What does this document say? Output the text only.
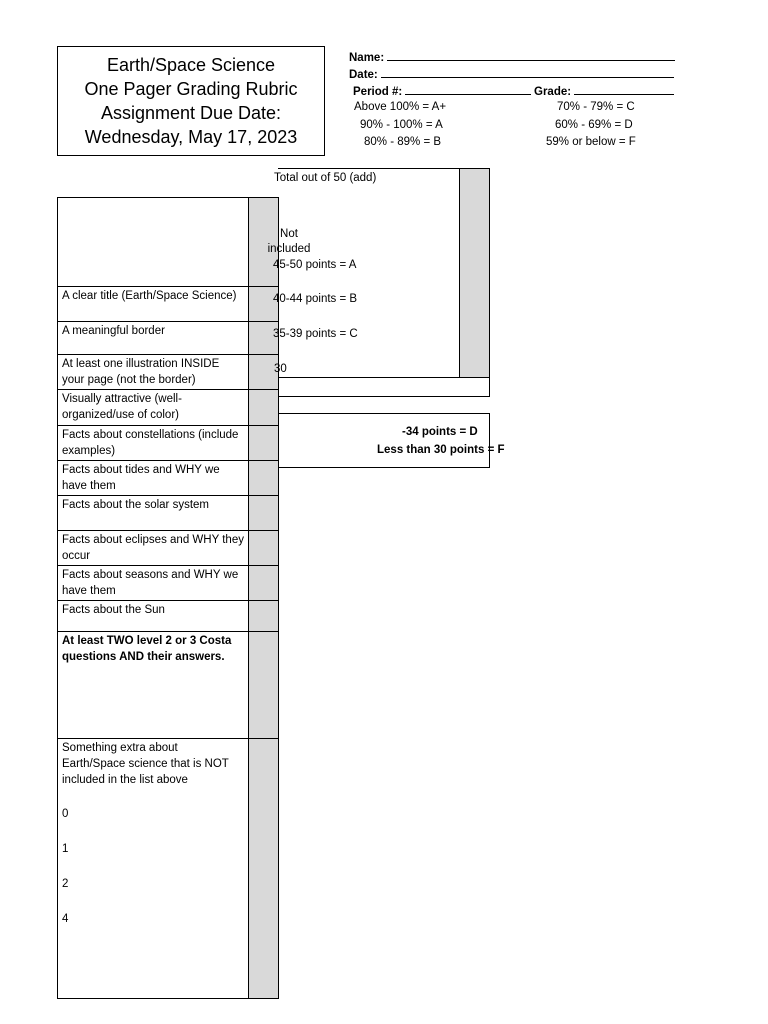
Earth/Space Science
One Pager Grading Rubric
Assignment Due Date:
Wednesday, May 17, 2023
Name:
Date:
Period #:	Grade:
Above 100% = A+	70% - 79% = C
90% - 100% = A	60% - 69% = D
80% - 89% = B	59% or below = F
A clear title (Earth/Space Science)
A meaningful border
At least one illustration INSIDE your page (not the border)
Visually attractive (well-organized/use of color)
Facts about constellations (include examples)
Facts about tides and WHY we have them
Facts about the solar system
Facts about eclipses and WHY they occur
Facts about seasons and WHY we have them
Facts about the Sun
At least TWO level 2 or 3 Costa questions AND their answers.
Something extra about Earth/Space science that is NOT included in the list above
0
1
2
4
Total out of 50 (add)
Not
included
45-50 points = A
40-44 points = B
35-39 points = C
30
-34 points = D
Less than 30 points = F
